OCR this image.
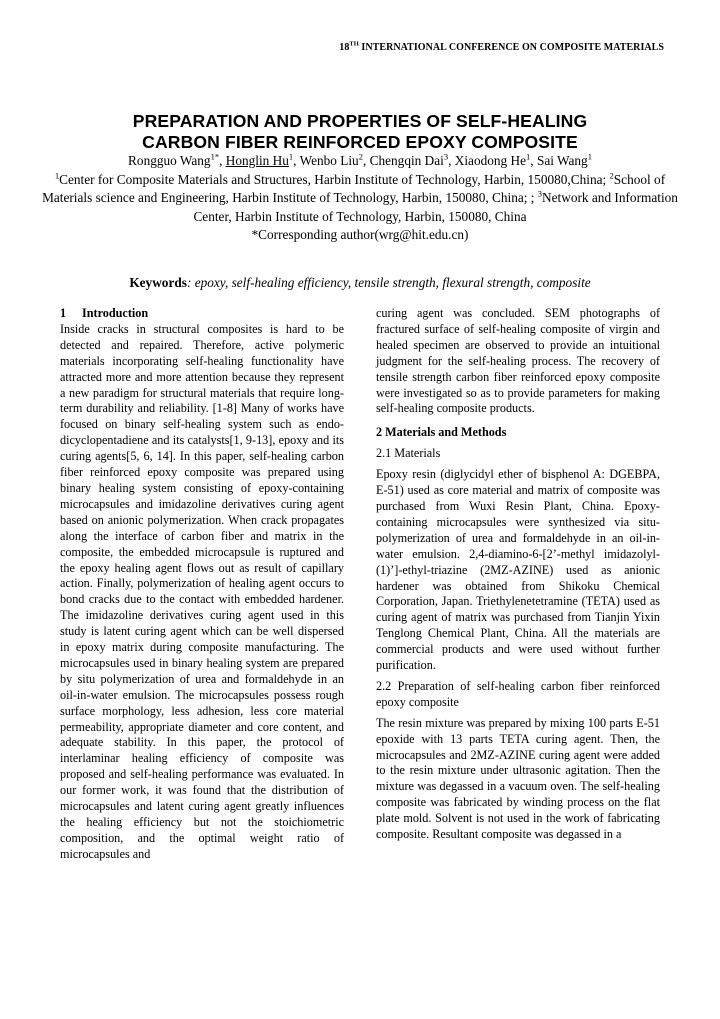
18TH INTERNATIONAL CONFERENCE ON COMPOSITE MATERIALS
PREPARATION AND PROPERTIES OF SELF-HEALING
CARBON FIBER REINFORCED EPOXY COMPOSITE
Rongguo Wang$^{1*}$, Honglin Hu$^1$, Wenbo Liu$^2$, Chengqin Dai$^3$, Xiaodong He$^1$, Sai Wang$^1$
$^1$Center for Composite Materials and Structures, Harbin Institute of Technology, Harbin, 150080,China; $^2$School of Materials science and Engineering, Harbin Institute of Technology, Harbin, 150080, China; ; $^3$Network and Information Center, Harbin Institute of Technology, Harbin, 150080, China
*Corresponding author(wrg@hit.edu.cn)
Keywords: epoxy, self-healing efficiency, tensile strength, flexural strength, composite

1 Introduction

Inside cracks in structural composites is hard to be detected and repaired. Therefore, active polymeric materials incorporating self-healing functionality have attracted more and more attention because they represent a new paradigm for structural materials that require long-term durability and reliability. [1-8] Many of works have focused on binary self-healing system such as endo-dicyclopentadiene and its catalysts[1, 9-13], epoxy and its curing agents[5, 6, 14]. In this paper, self-healing carbon fiber reinforced epoxy composite was prepared using binary healing system consisting of epoxy-containing microcapsules and imidazoline derivatives curing agent based on anionic polymerization. When crack propagates along the interface of carbon fiber and matrix in the composite, the embedded microcapsule is ruptured and the epoxy healing agent flows out as result of capillary action. Finally, polymerization of healing agent occurs to bond cracks due to the contact with embedded hardener. The imidazoline derivatives curing agent used in this study is latent curing agent which can be well dispersed in epoxy matrix during composite manufacturing. The microcapsules used in binary healing system are prepared by situ polymerization of urea and formaldehyde in an oil-in-water emulsion. The microcapsules possess rough surface morphology, less adhesion, less core material permeability, appropriate diameter and core content, and adequate stability. In this paper, the protocol of interlaminar healing efficiency of composite was proposed and self-healing performance was evaluated. In our former work, it was found that the distribution of microcapsules and latent curing agent greatly influences the healing efficiency but not the stoichiometric composition, and the optimal weight ratio of microcapsules and

curing agent was concluded. SEM photographs of fractured surface of self-healing composite of virgin and healed specimen are observed to provide an intuitional judgment for the self-healing process. The recovery of tensile strength carbon fiber reinforced epoxy composite were investigated so as to provide parameters for making self-healing composite products.

2 Materials and Methods

2.1 Materials

Epoxy resin (diglycidyl ether of bisphenol A: DGEBPA, E-51) used as core material and matrix of composite was purchased from Wuxi Resin Plant, China. Epoxy-containing microcapsules were synthesized via situ-polymerization of urea and formaldehyde in an oil-in-water emulsion. 2,4-diamino-6-[2’-methyl imidazolyl-(1)’]-ethyl-triazine (2MZ-AZINE) used as anionic hardener was obtained from Shikoku Chemical Corporation, Japan. Triethylenetetramine (TETA) used as curing agent of matrix was purchased from Tianjin Yixin Tenglong Chemical Plant, China. All the materials are commercial products and were used without further purification.

2.2 Preparation of self-healing carbon fiber reinforced epoxy composite

The resin mixture was prepared by mixing 100 parts E-51 epoxide with 13 parts TETA curing agent. Then, the microcapsules and 2MZ-AZINE curing agent were added to the resin mixture under ultrasonic agitation. Then the mixture was degassed in a vacuum oven. The self-healing composite was fabricated by winding process on the flat plate mold. Solvent is not used in the work of fabricating composite. Resultant composite was degassed in a
